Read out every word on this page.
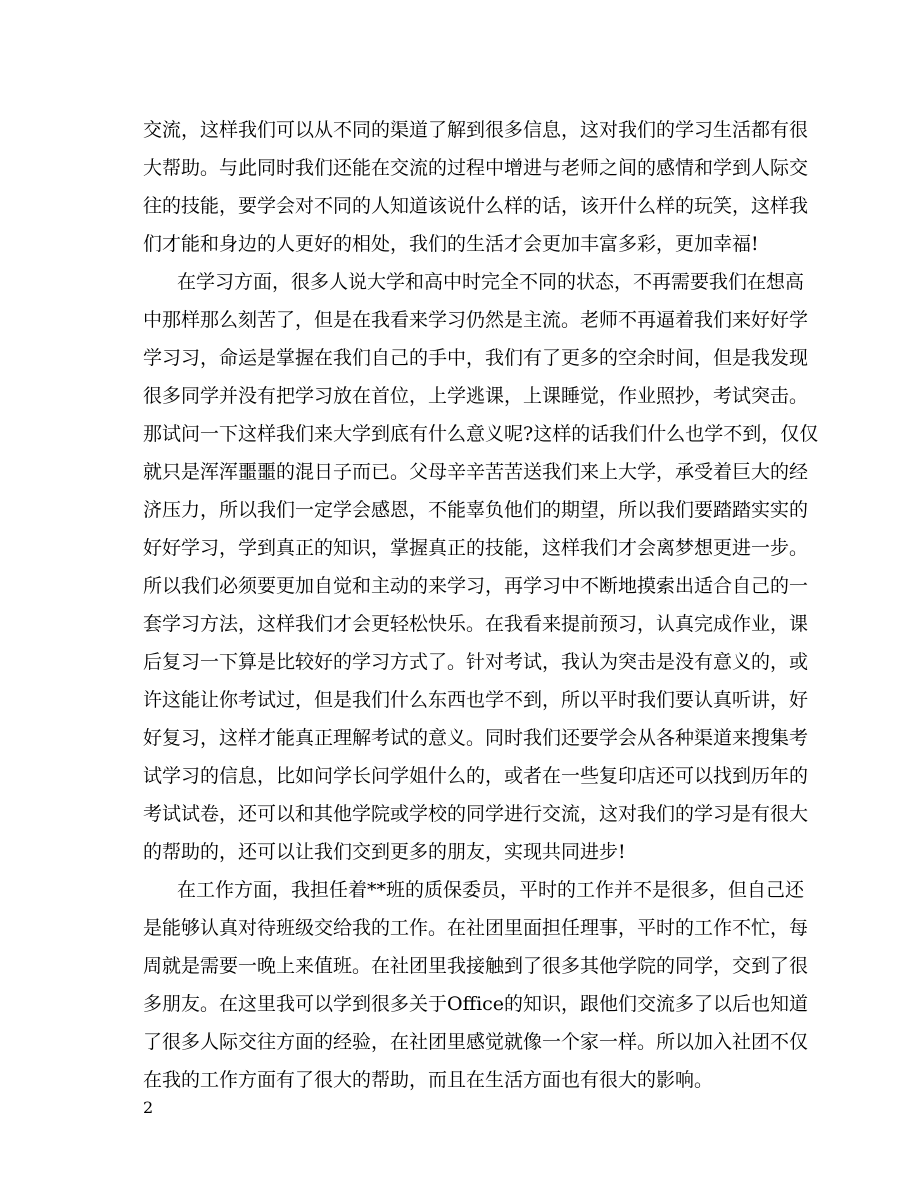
交流，这样我们可以从不同的渠道了解到很多信息，这对我们的学习生活都有很
大帮助。与此同时我们还能在交流的过程中增进与老师之间的感情和学到人际交
往的技能，要学会对不同的人知道该说什么样的话，该开什么样的玩笑，这样我
们才能和身边的人更好的相处，我们的生活才会更加丰富多彩，更加幸福!
在学习方面，很多人说大学和高中时完全不同的状态，不再需要我们在想高
中那样那么刻苦了，但是在我看来学习仍然是主流。老师不再逼着我们来好好学
学习习，命运是掌握在我们自己的手中，我们有了更多的空余时间，但是我发现
很多同学并没有把学习放在首位，上学逃课，上课睡觉，作业照抄，考试突击。
那试问一下这样我们来大学到底有什么意义呢?这样的话我们什么也学不到，仅仅
就只是浑浑噩噩的混日子而已。父母辛辛苦苦送我们来上大学，承受着巨大的经
济压力，所以我们一定学会感恩，不能辜负他们的期望，所以我们要踏踏实实的
好好学习，学到真正的知识，掌握真正的技能，这样我们才会离梦想更进一步。
所以我们必须要更加自觉和主动的来学习，再学习中不断地摸索出适合自己的一
套学习方法，这样我们才会更轻松快乐。在我看来提前预习，认真完成作业，课
后复习一下算是比较好的学习方式了。针对考试，我认为突击是没有意义的，或
许这能让你考试过，但是我们什么东西也学不到，所以平时我们要认真听讲，好
好复习，这样才能真正理解考试的意义。同时我们还要学会从各种渠道来搜集考
试学习的信息，比如问学长问学姐什么的，或者在一些复印店还可以找到历年的
考试试卷，还可以和其他学院或学校的同学进行交流，这对我们的学习是有很大
的帮助的，还可以让我们交到更多的朋友，实现共同进步!
在工作方面，我担任着**班的质保委员，平时的工作并不是很多，但自己还
是能够认真对待班级交给我的工作。在社团里面担任理事，平时的工作不忙，每
周就是需要一晚上来值班。在社团里我接触到了很多其他学院的同学，交到了很
多朋友。在这里我可以学到很多关于Office的知识，跟他们交流多了以后也知道
了很多人际交往方面的经验，在社团里感觉就像一个家一样。所以加入社团不仅
在我的工作方面有了很大的帮助，而且在生活方面也有很大的影响。
2
